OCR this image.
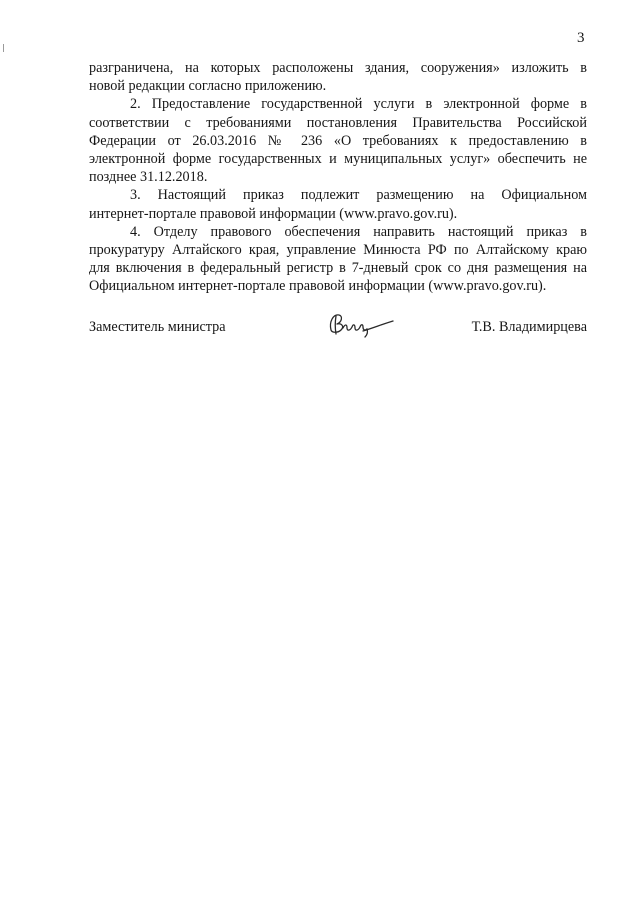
3
разграничена, на которых расположены здания, сооружения» изложить в
новой редакции согласно приложению.
2. Предоставление государственной услуги в электронной форме в
соответствии с требованиями постановления Правительства Российской
Федерации от 26.03.2016 № 236 «О требованиях к предоставлению в
электронной форме государственных и муниципальных услуг» обеспечить не
позднее 31.12.2018.
3. Настоящий приказ подлежит размещению на Официальном
интернет-портале правовой информации (www.pravo.gov.ru).
4. Отделу правового обеспечения направить настоящий приказ в
прокуратуру Алтайского края, управление Минюста РФ по Алтайскому краю
для включения в федеральный регистр в 7-дневый срок со дня размещения на
Официальном интернет-портале правовой информации (www.pravo.gov.ru).
Заместитель министра	Т.В. Владимирцева
